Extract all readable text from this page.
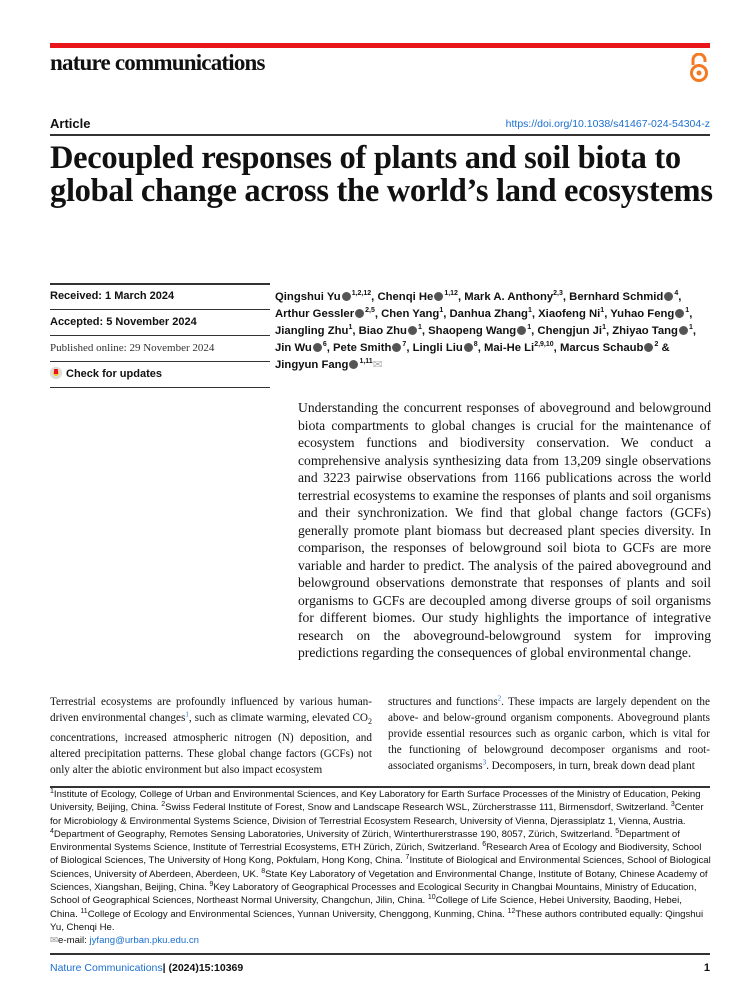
nature communications
Article	https://doi.org/10.1038/s41467-024-54304-z
Decoupled responses of plants and soil biota to global change across the world’s land ecosystems
Received: 1 March 2024
Accepted: 5 November 2024
Published online: 29 November 2024
Check for updates
Qingshui Yu $^{1,2,12}$, Chenqi He $^{1,12}$, Mark A. Anthony$^{2,3}$, Bernhard Schmid $^4$, Arthur Gessler $^{2,5}$, Chen Yang$^1$, Danhua Zhang$^1$, Xiaofeng Ni$^1$, Yuhao Feng $^1$, Jiangling Zhu$^1$, Biao Zhu $^1$, Shaopeng Wang $^1$, Chengjun Ji$^1$, Zhiyao Tang $^1$, Jin Wu $^6$, Pete Smith $^7$, Lingli Liu $^8$, Mai-He Li$^{2,9,10}$, Marcus Schaub $^2$ & Jingyun Fang $^{1,11}$✉

Understanding the concurrent responses of aboveground and belowground biota compartments to global changes is crucial for the maintenance of ecosystem functions and biodiversity conservation. We conduct a comprehensive analysis synthesizing data from 13,209 single observations and 3223 pairwise observations from 1166 publications across the world terrestrial ecosystems to examine the responses of plants and soil organisms and their synchronization. We find that global change factors (GCFs) generally promote plant biomass but decreased plant species diversity. In comparison, the responses of belowground soil biota to GCFs are more variable and harder to predict. The analysis of the paired aboveground and belowground observations demonstrate that responses of plants and soil organisms to GCFs are decoupled among diverse groups of soil organisms for different biomes. Our study highlights the importance of integrative research on the aboveground-belowground system for improving predictions regarding the consequences of global environmental change.

Terrestrial ecosystems are profoundly influenced by various human-driven environmental changes$^1$, such as climate warming, elevated $CO_2$ concentrations, increased atmospheric nitrogen (N) deposition, and altered precipitation patterns. These global change factors (GCFs) not only alter the abiotic environment but also impact ecosystem

structures and functions$^2$. These impacts are largely dependent on the above- and below-ground organism components. Aboveground plants provide essential resources such as organic carbon, which is vital for the functioning of belowground decomposer organisms and root-associated organisms$^3$. Decomposers, in turn, break down dead plant

$^1$Institute of Ecology, College of Urban and Environmental Sciences, and Key Laboratory for Earth Surface Processes of the Ministry of Education, Peking University, Beijing, China. $^2$Swiss Federal Institute of Forest, Snow and Landscape Research WSL, Zürcherstrasse 111, Birmensdorf, Switzerland. $^3$Center for Microbiology & Environmental Systems Science, Division of Terrestrial Ecosystem Research, University of Vienna, Djerassiplatz 1, Vienna, Austria. $^4$Department of Geography, Remotes Sensing Laboratories, University of Zürich, Winterthurerstrasse 190, 8057, Zürich, Switzerland. $^5$Department of Environmental Systems Science, Institute of Terrestrial Ecosystems, ETH Zürich, Zürich, Switzerland. $^6$Research Area of Ecology and Biodiversity, School of Biological Sciences, The University of Hong Kong, Pokfulam, Hong Kong, China. $^7$Institute of Biological and Environmental Sciences, School of Biological Sciences, University of Aberdeen, Aberdeen, UK. $^8$State Key Laboratory of Vegetation and Environmental Change, Institute of Botany, Chinese Academy of Sciences, Xiangshan, Beijing, China. $^9$Key Laboratory of Geographical Processes and Ecological Security in Changbai Mountains, Ministry of Education, School of Geographical Sciences, Northeast Normal University, Changchun, Jilin, China. $^{10}$College of Life Science, Hebei University, Baoding, Hebei, China. $^{11}$College of Ecology and Environmental Sciences, Yunnan University, Chenggong, Kunming, China. $^{12}$These authors contributed equally: Qingshui Yu, Chenqi He.
✉e-mail: jyfang@urban.pku.edu.cn
Nature Communications| (2024)15:10369	1
